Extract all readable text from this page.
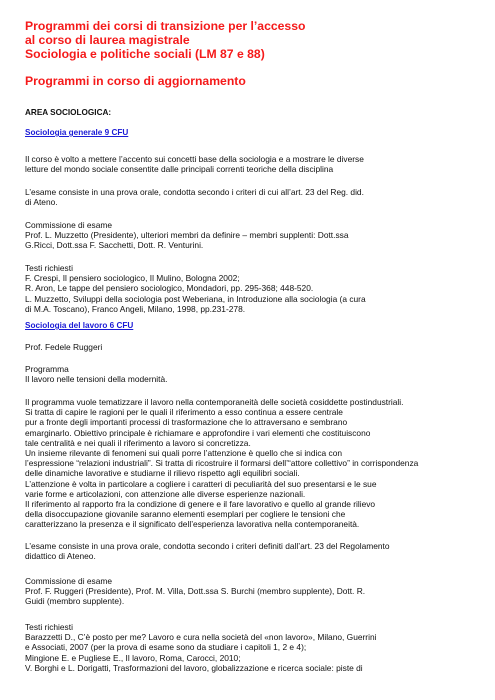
Programmi dei corsi di transizione per l’accesso
al corso di laurea magistrale
Sociologia e politiche sociali (LM 87 e 88)
Programmi in corso di aggiornamento
AREA SOCIOLOGICA:
Sociologia generale 9 CFU
Il corso è volto a mettere l’accento sui concetti base della sociologia e a mostrare le diverse
letture del mondo sociale consentite dalle principali correnti teoriche della disciplina
L’esame consiste in una prova orale, condotta secondo i criteri di cui all’art. 23 del Reg. did.
di Ateno.
Commissione di esame
Prof. L. Muzzetto (Presidente), ulteriori membri da definire – membri supplenti: Dott.ssa
G.Ricci, Dott.ssa F. Sacchetti, Dott. R. Venturini.
Testi richiesti
F. Crespi, Il pensiero sociologico, Il Mulino, Bologna 2002;
R. Aron, Le tappe del pensiero sociologico, Mondadori, pp. 295-368; 448-520.
L. Muzzetto, Sviluppi della sociologia post Weberiana, in Introduzione alla sociologia (a cura
di M.A. Toscano), Franco Angeli, Milano, 1998, pp.231-278.
Sociologia del lavoro 6 CFU
Prof. Fedele Ruggeri
Programma
Il lavoro nelle tensioni della modernità.
Il programma vuole tematizzare il lavoro nella contemporaneità delle società cosiddette postindustriali.
Si tratta di capire le ragioni per le quali il riferimento a esso continua a essere centrale
pur a fronte degli importanti processi di trasformazione che lo attraversano e sembrano
emarginarlo. Obiettivo principale è richiamare e approfondire i vari elementi che costituiscono
tale centralità e nei quali il riferimento a lavoro si concretizza.
Un insieme rilevante di fenomeni sui quali porre l’attenzione è quello che si indica con
l’espressione “relazioni industriali”. Si tratta di ricostruire il formarsi dell’“attore collettivo” in corrispondenza
delle dinamiche lavorative e studiarne il rilievo rispetto agli equilibri sociali.
L’attenzione è volta in particolare a cogliere i caratteri di peculiarità del suo presentarsi e le sue
varie forme e articolazioni, con attenzione alle diverse esperienze nazionali.
Il riferimento al rapporto fra la condizione di genere e il fare lavorativo e quello al grande rilievo
della disoccupazione giovanile saranno elementi esemplari per cogliere le tensioni che
caratterizzano la presenza e il significato dell’esperienza lavorativa nella contemporaneità.
L’esame consiste in una prova orale, condotta secondo i criteri definiti dall’art. 23 del Regolamento
didattico di Ateneo.
Commissione di esame
Prof. F. Ruggeri (Presidente), Prof. M. Villa, Dott.ssa S. Burchi (membro supplente), Dott. R.
Guidi (membro supplente).
Testi richiesti
Barazzetti D., C’è posto per me? Lavoro e cura nella società del «non lavoro», Milano, Guerrini
e Associati, 2007 (per la prova di esame sono da studiare i capitoli 1, 2 e 4);
Mingione E. e Pugliese E., Il lavoro, Roma, Carocci, 2010;
V. Borghi e L. Dorigatti, Trasformazioni del lavoro, globalizzazione e ricerca sociale: piste di
